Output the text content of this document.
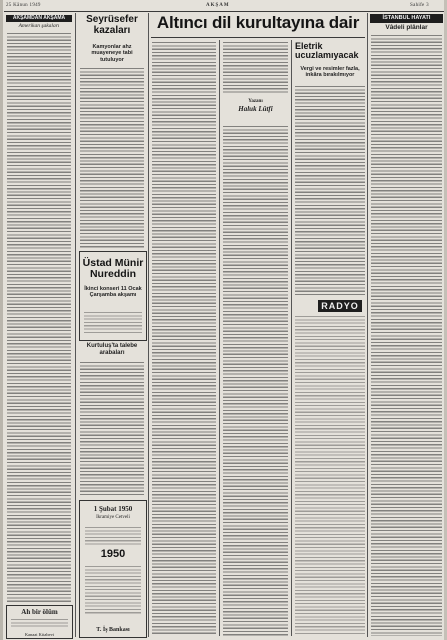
25 Kânun 1949	AKŞAM	Sahife 3
AKŞAMDAN AKŞAMA
Amerikan şakaları
Ah bir ölüm
Kanaat Kitabevi
Seyrüsefer kazaları
Kamyonlar ahz muayeneye tabi tutuluyor
Üstad Münir Nureddin
İkinci konseri 11 Ocak Çarşamba akşamı
Kurtuluş'ta talebe arabaları
1 Şubat 1950
Ikramiye Cetveli
1950
T. İş Bankası
Altıncı dil kurultayına dair
Yazanı
Haluk Lütfi
Eletrik ucuzlamıyacak
Vergi ve resimler fazla, inkâra bırakılmıyor
RADYO
İSTANBUL HAYATI
Vâdeli plânlar
